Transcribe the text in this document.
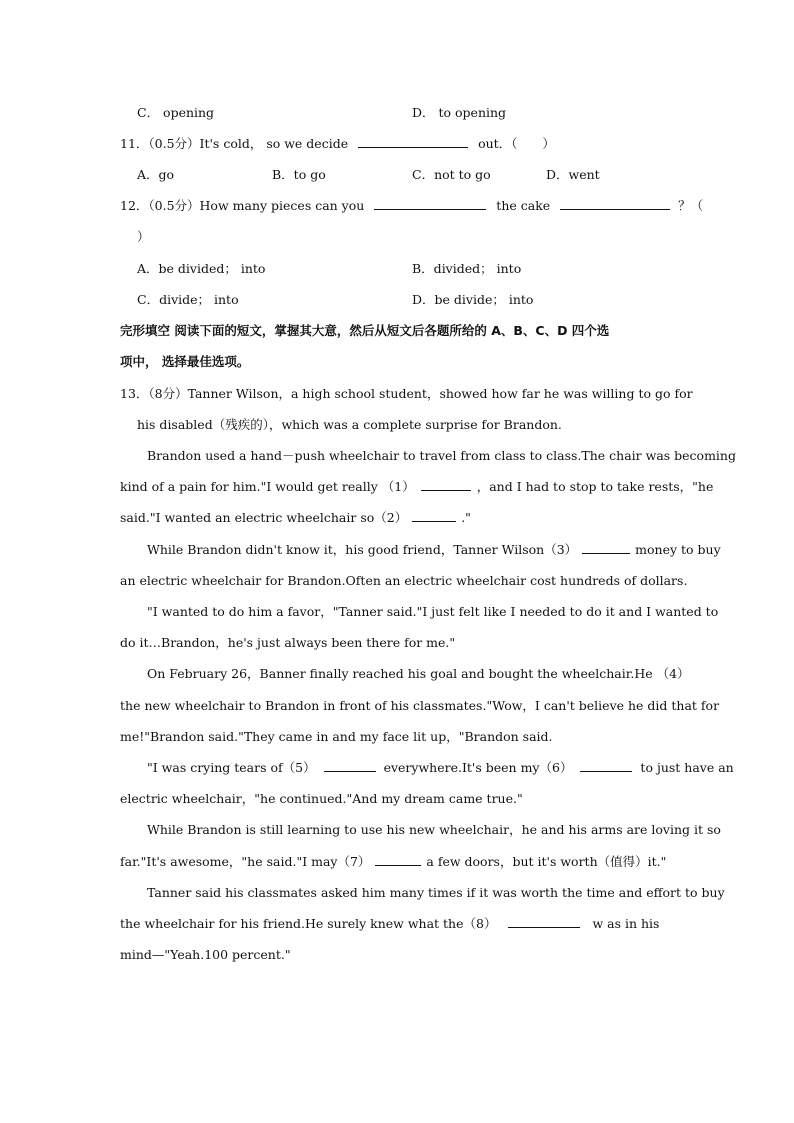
C． opening	D． to opening
11．（0.5分）It's cold， so we decide	out．（　　）
A．go	B．to go	C．not to go	D．went
12．（0.5分）How many pieces can you	the cake	？（
）
A．be divided； into	B．divided； into
C．divide； into	D．be divide； into
完形填空 阅读下面的短文，掌握其大意，然后从短文后各题所给的 A、B、C、D 四个选
项中， 选择最佳选项。
13．（8分）Tanner Wilson，a high school student，showed how far he was willing to go for
his disabled（残疾的），which was a complete surprise for Brandon.
Brandon used a hand－push wheelchair to travel from class to class.The chair was becoming
kind of a pain for him."I would get really （1）	，and I had to stop to take rests，"he
said."I wanted an electric wheelchair so（2）	."
While Brandon didn't know it，his good friend，Tanner Wilson（3）	money to buy
an electric wheelchair for Brandon.Often an electric wheelchair cost hundreds of dollars.
"I wanted to do him a favor，"Tanner said."I just felt like I needed to do it and I wanted to
do it…Brandon，he's just always been there for me."
On February 26，Banner finally reached his goal and bought the wheelchair.He （4）
the new wheelchair to Brandon in front of his classmates."Wow，I can't believe he did that for
me!"Brandon said."They came in and my face lit up，"Brandon said.
"I was crying tears of（5）	everywhere.It's been my（6）	to just have an
electric wheelchair，"he continued."And my dream came true."
While Brandon is still learning to use his new wheelchair，he and his arms are loving it so
far."It's awesome，"he said."I may（7）	a few doors，but it's worth（值得）it."
Tanner said his classmates asked him many times if it was worth the time and effort to buy
the wheelchair for his friend.He surely knew what the（8）	w as in his
mind—"Yeah.100 percent."
